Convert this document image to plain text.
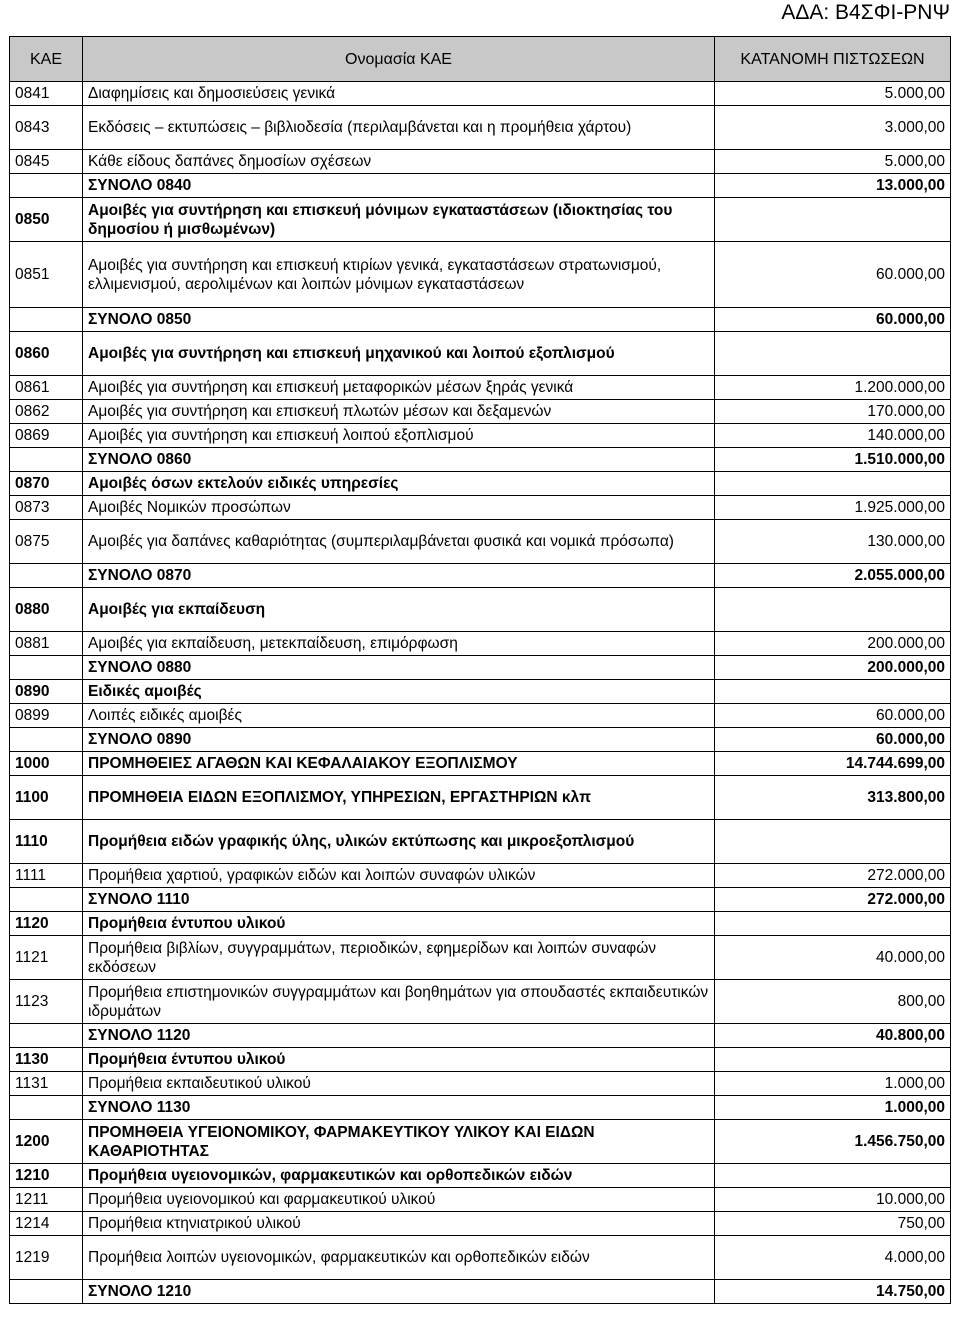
ΑΔΑ: Β4ΣΦΙ-ΡΝΨ
ΚΑΕ	Ονομασία ΚΑΕ	ΚΑΤΑΝΟΜΗ ΠΙΣΤΩΣΕΩΝ
0841	Διαφημίσεις και δημοσιεύσεις γενικά	5.000,00
0843	Εκδόσεις – εκτυπώσεις – βιβλιοδεσία (περιλαμβάνεται και η προμήθεια χάρτου)	3.000,00
0845	Κάθε είδους δαπάνες δημοσίων σχέσεων	5.000,00
	ΣΥΝΟΛΟ 0840	13.000,00
0850	Αμοιβές για συντήρηση και επισκευή μόνιμων εγκαταστάσεων (ιδιοκτησίας του δημοσίου ή μισθωμένων)	
0851	Αμοιβές για συντήρηση και επισκευή κτιρίων γενικά, εγκαταστάσεων στρατωνισμού, ελλιμενισμού, αερολιμένων και λοιπών μόνιμων εγκαταστάσεων	60.000,00
	ΣΥΝΟΛΟ 0850	60.000,00
0860	Αμοιβές για συντήρηση και επισκευή μηχανικού και λοιπού εξοπλισμού	
0861	Αμοιβές για συντήρηση και επισκευή μεταφορικών μέσων ξηράς γενικά	1.200.000,00
0862	Αμοιβές για συντήρηση και επισκευή πλωτών μέσων και δεξαμενών	170.000,00
0869	Αμοιβές για συντήρηση και επισκευή λοιπού εξοπλισμού	140.000,00
	ΣΥΝΟΛΟ 0860	1.510.000,00
0870	Αμοιβές όσων εκτελούν ειδικές υπηρεσίες	
0873	Αμοιβές Νομικών προσώπων	1.925.000,00
0875	Αμοιβές για δαπάνες καθαριότητας (συμπεριλαμβάνεται φυσικά και νομικά πρόσωπα)	130.000,00
	ΣΥΝΟΛΟ 0870	2.055.000,00
0880	Αμοιβές για εκπαίδευση	
0881	Αμοιβές για εκπαίδευση, μετεκπαίδευση, επιμόρφωση	200.000,00
	ΣΥΝΟΛΟ 0880	200.000,00
0890	Ειδικές αμοιβές	
0899	Λοιπές ειδικές αμοιβές	60.000,00
	ΣΥΝΟΛΟ 0890	60.000,00
1000	ΠΡΟΜΗΘΕΙΕΣ ΑΓΑΘΩΝ ΚΑΙ ΚΕΦΑΛΑΙΑΚΟΥ ΕΞΟΠΛΙΣΜΟΥ	14.744.699,00
1100	ΠΡΟΜΗΘΕΙΑ ΕΙΔΩΝ ΕΞΟΠΛΙΣΜΟΥ, ΥΠΗΡΕΣΙΩΝ, ΕΡΓΑΣΤΗΡΙΩΝ κλπ	313.800,00
1110	Προμήθεια ειδών γραφικής ύλης, υλικών εκτύπωσης και μικροεξοπλισμού	
1111	Προμήθεια χαρτιού, γραφικών ειδών και λοιπών συναφών υλικών	272.000,00
	ΣΥΝΟΛΟ 1110	272.000,00
1120	Προμήθεια έντυπου υλικού	
1121	Προμήθεια βιβλίων, συγγραμμάτων, περιοδικών, εφημερίδων και λοιπών συναφών εκδόσεων	40.000,00
1123	Προμήθεια επιστημονικών συγγραμμάτων και βοηθημάτων για σπουδαστές εκπαιδευτικών ιδρυμάτων	800,00
	ΣΥΝΟΛΟ 1120	40.800,00
1130	Προμήθεια έντυπου υλικού	
1131	Προμήθεια εκπαιδευτικού υλικού	1.000,00
	ΣΥΝΟΛΟ 1130	1.000,00
1200	ΠΡΟΜΗΘΕΙΑ ΥΓΕΙΟΝΟΜΙΚΟΥ, ΦΑΡΜΑΚΕΥΤΙΚΟΥ ΥΛΙΚΟΥ ΚΑΙ ΕΙΔΩΝ ΚΑΘΑΡΙΟΤΗΤΑΣ	1.456.750,00
1210	Προμήθεια υγειονομικών, φαρμακευτικών και ορθοπεδικών ειδών	
1211	Προμήθεια υγειονομικού και φαρμακευτικού υλικού	10.000,00
1214	Προμήθεια κτηνιατρικού υλικού	750,00
1219	Προμήθεια λοιπών υγειονομικών, φαρμακευτικών και ορθοπεδικών ειδών	4.000,00
	ΣΥΝΟΛΟ 1210	14.750,00
